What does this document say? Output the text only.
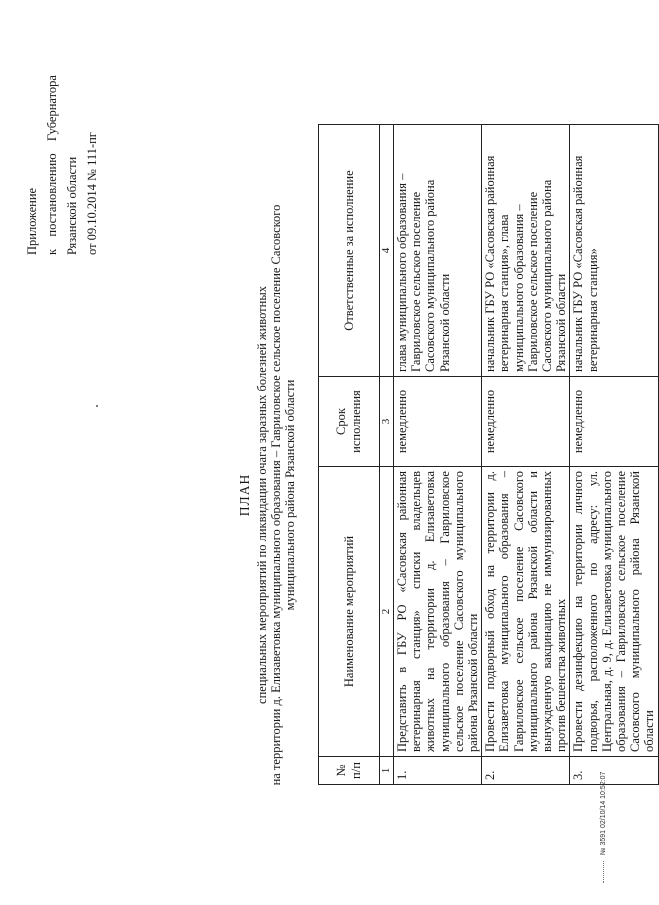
Приложение к
постановлению
Губернатора
Рязанской области от 09.10.2014 № 111-пг
ПЛАН специальных мероприятий по ликвидации очага заразных болезней животных на территории д. Елизаветовка муниципального образования – Гавриловское сельское поселение Сасовского муниципального района Рязанской области
№ п/п	Наименование мероприятий	Срок исполнения	Ответственные за исполнение
1	2	3	4
1.	Представить в ГБУ РО «Сасовская районная ветеринарная станция» списки владельцев животных на территории д. Елизаветовка муниципального образования – Гавриловское сельское поселение Сасовского муниципального района Рязанской области	немедленно	глава муниципального образования – Гавриловское сельское поселение Сасовского муниципального района Рязанской области
2.	Провести подворный обход на территории д. Елизаветовка муниципального образования – Гавриловское сельское поселение Сасовского муниципального района Рязанской области и вынужденную вакцинацию не иммунизированных против бешенства животных	немедленно	начальник ГБУ РО «Сасовская районная ветеринарная станция», глава муниципального образования – Гавриловское сельское поселение Сасовского муниципального района Рязанской области
3.	Провести дезинфекцию на территории личного подворья, расположенного по адресу: ул. Центральная, д. 9, д. Елизаветовка муниципального образования – Гавриловское сельское поселение Сасовского муниципального района Рязанской области	немедленно	начальник ГБУ РО «Сасовская районная ветеринарная станция»
№ 3591 02/10/14 10:52:07
